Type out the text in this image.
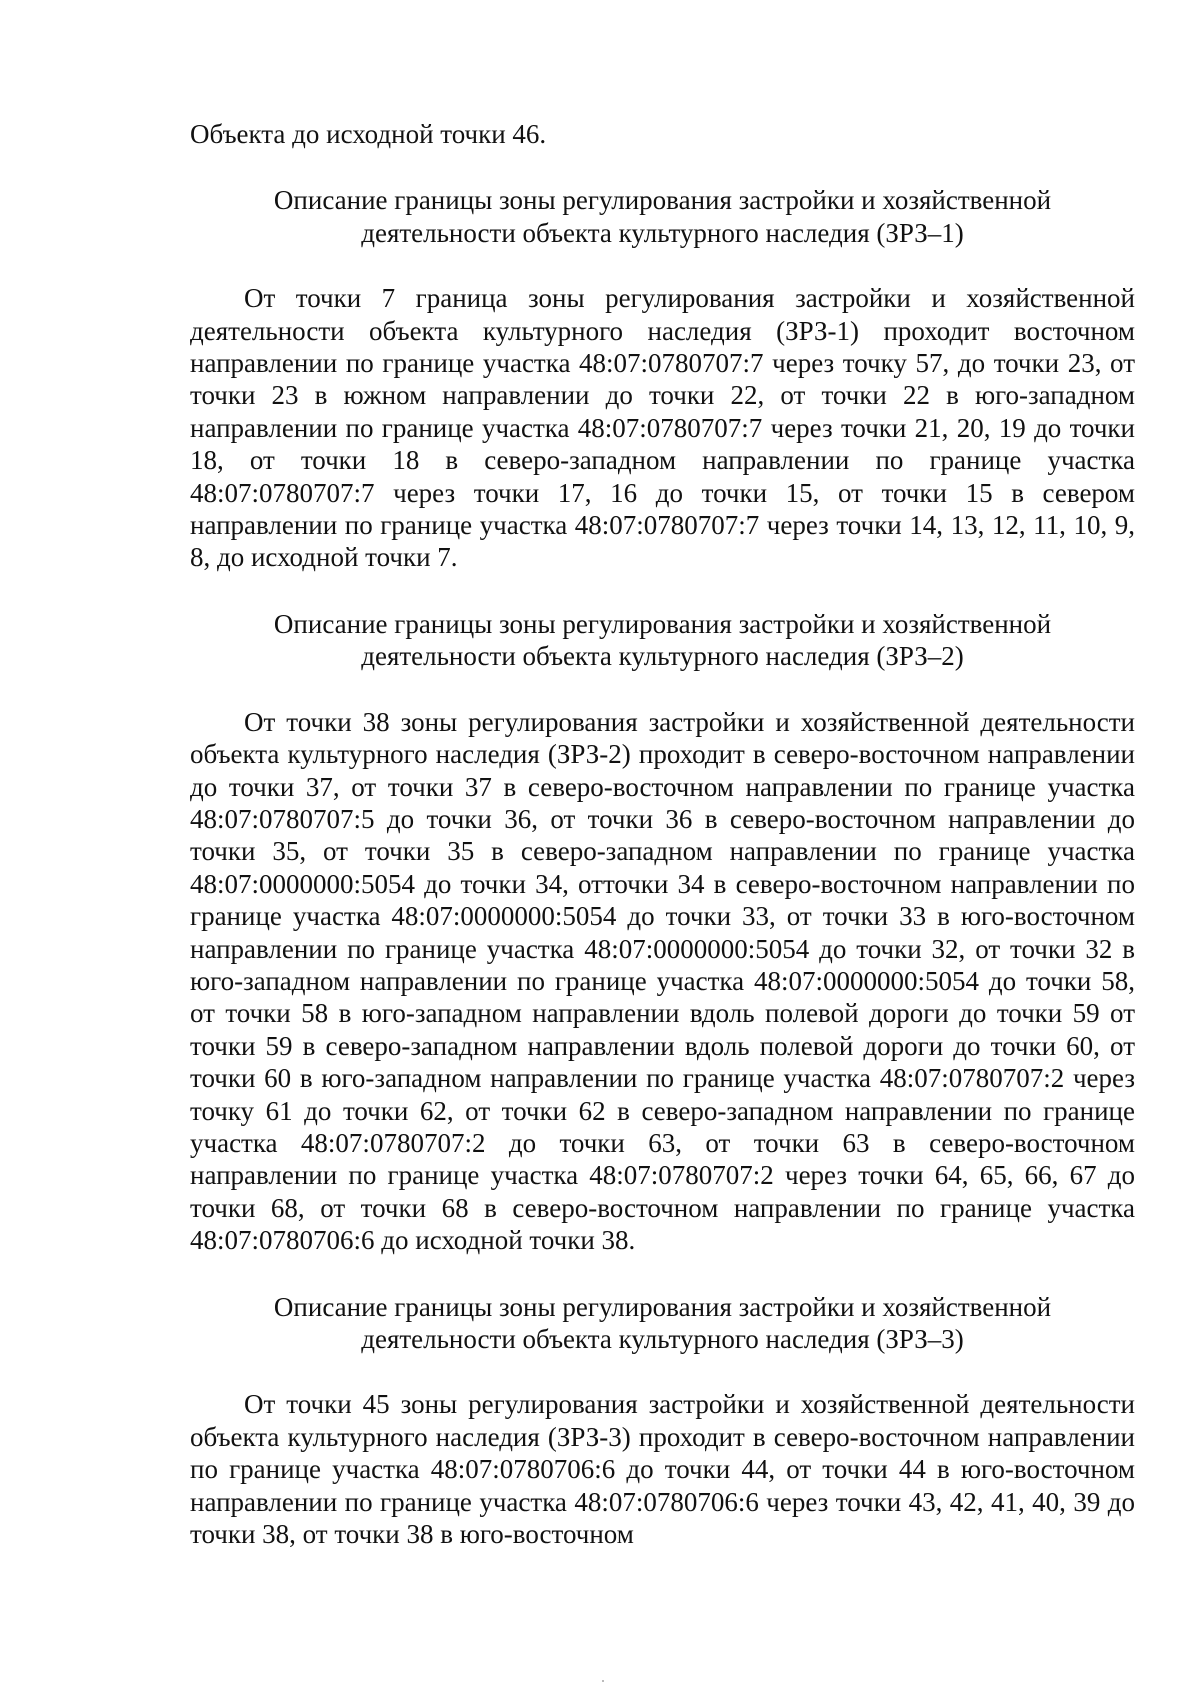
Объекта до исходной точки 46.

Описание границы зоны регулирования застройки и хозяйственной
деятельности объекта культурного наследия (ЗРЗ–1)

От точки 7 граница зоны регулирования застройки и хозяйственной деятельности объекта культурного наследия (ЗРЗ-1) проходит восточном направлении по границе участка 48:07:0780707:7 через точку 57, до точки 23, от точки 23 в южном направлении до точки 22, от точки 22 в юго-западном направлении по границе участка 48:07:0780707:7 через точки 21, 20, 19 до точки 18, от точки 18 в северо-западном направлении по границе участка 48:07:0780707:7 через точки 17, 16 до точки 15, от точки 15 в севером направлении по границе участка 48:07:0780707:7 через точки 14, 13, 12, 11, 10, 9, 8, до исходной точки 7.

Описание границы зоны регулирования застройки и хозяйственной
деятельности объекта культурного наследия (ЗРЗ–2)

От точки 38 зоны регулирования застройки и хозяйственной деятельности объекта культурного наследия (ЗРЗ-2) проходит в северо-восточном направлении до точки 37, от точки 37 в северо-восточном направлении по границе участка 48:07:0780707:5 до точки 36, от точки 36 в северо-восточном направлении до точки 35, от точки 35 в северо-западном направлении по границе участка 48:07:0000000:5054 до точки 34, отточки 34 в северо-восточном направлении по границе участка 48:07:0000000:5054 до точки 33, от точки 33 в юго-восточном направлении по границе участка 48:07:0000000:5054 до точки 32, от точки 32 в юго-западном направлении по границе участка 48:07:0000000:5054 до точки 58, от точки 58 в юго-западном направлении вдоль полевой дороги до точки 59 от точки 59 в северо-западном направлении вдоль полевой дороги до точки 60, от точки 60 в юго-западном направлении по границе участка 48:07:0780707:2 через точку 61 до точки 62, от точки 62 в северо-западном направлении по границе участка 48:07:0780707:2 до точки 63, от точки 63 в северо-восточном направлении по границе участка 48:07:0780707:2 через точки 64, 65, 66, 67 до точки 68, от точки 68 в северо-восточном направлении по границе участка 48:07:0780706:6 до исходной точки 38.

Описание границы зоны регулирования застройки и хозяйственной
деятельности объекта культурного наследия (ЗРЗ–3)

От точки 45 зоны регулирования застройки и хозяйственной деятельности объекта культурного наследия (ЗРЗ-3) проходит в северо-восточном направлении по границе участка 48:07:0780706:6 до точки 44, от точки 44 в юго-восточном направлении по границе участка 48:07:0780706:6 через точки 43, 42, 41, 40, 39 до точки 38, от точки 38 в юго-восточном
